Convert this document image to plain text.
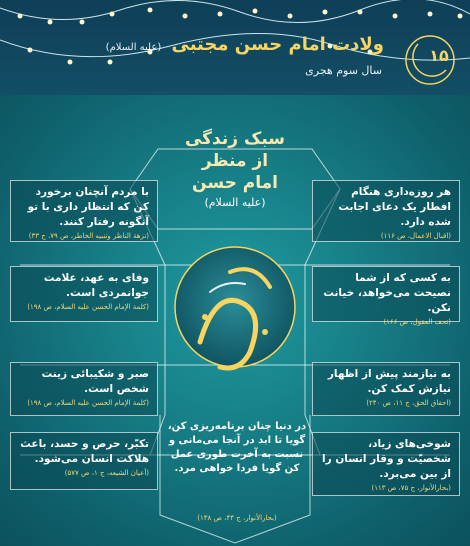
۱۵
ولادت امام حسن مجتبی (علیه السلام)
سال سوم هجری
سبک زندگی
از منظر
امام حسن
(علیه السلام)
با مردم آنچنان برخورد کن که انتظار داری با تو آنگونه رفتار کنند.
(نزهة الناظر وتنبیه الخاطر، ص ۷۹، ح ۳۳)
هر روزه‌داری هنگام افطار یک دعای اجابت شده دارد.
(اقبال الاعمال، ص ۱۱۶)
وفای به عهد، علامت جوانمردی است.
(کلمة الإمام الحسن علیه السلام، ص ۱۹۸)
به کسی که از شما نصیحت می‌خواهد، خیانت نکن.
(تحف العقول، ص ۱۶۶)
صبر و شکیبائی زینت شخص است.
(کلمة الإمام الحسن علیه السلام، ص ۱۹۸)
به نیازمند پیش از اظهار نیازش کمک کن.
(احقاق الحق، ج ۱۱، ص ۲۴۰)
تکبّر، حرص و حسد، باعث هلاکت انسان می‌شود.
(أعیان الشیعه، ج ۱، ص ۵۷۷)
شوخی‌های زیاد، شخصیّت و وقار انسان را از بین می‌برد.
(بحارالأنوار، ج ۷۵، ص ۱۱۳)
در دنیا چنان برنامه‌ریزی کن، گویا تا ابد در آنجا می‌مانی و نسبت به آخرت طوری عمل کن گویا فردا خواهی مرد.
(بحارالأنوار، ج ۴۴، ص ۱۳۸)
